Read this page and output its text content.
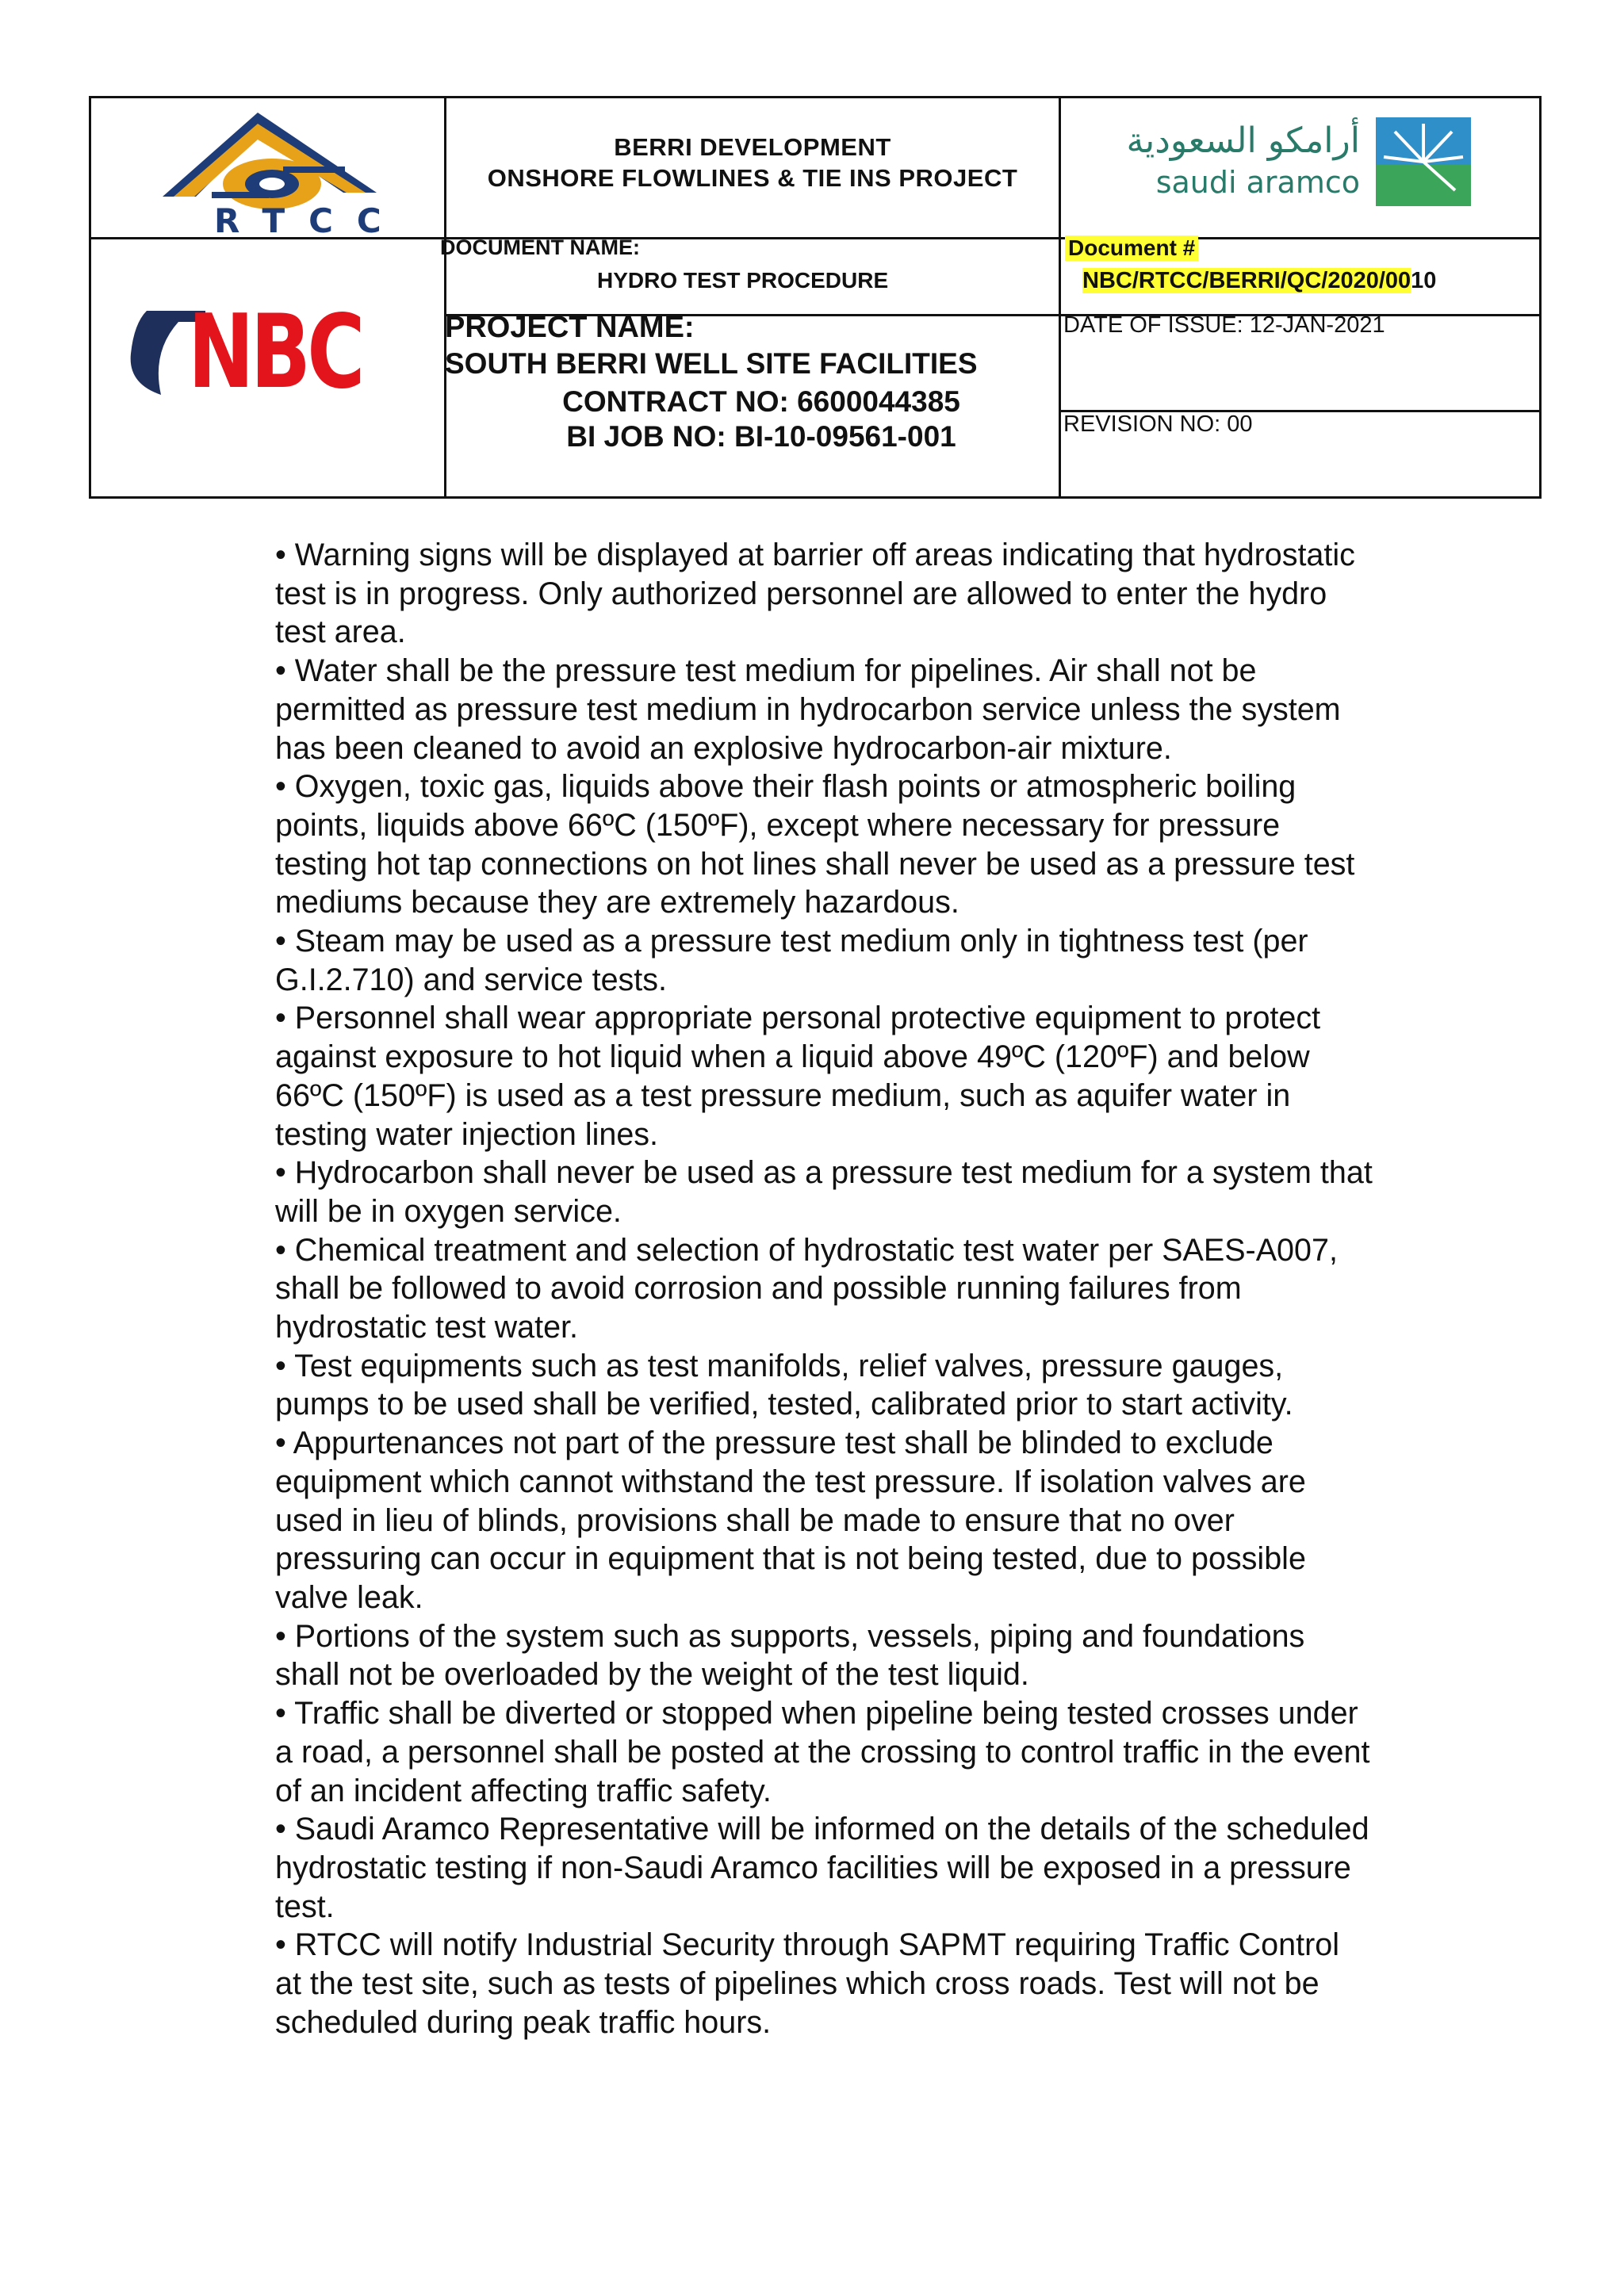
RTCC
BERRI DEVELOPMENT
ONSHORE FLOWLINES & TIE INS PROJECT
أرامكو السعودية
saudi aramco
NBC
DOCUMENT NAME:
HYDRO TEST PROCEDURE
Document #
NBC/RTCC/BERRI/QC/2020/0010
PROJECT NAME:
SOUTH BERRI WELL SITE FACILITIES
CONTRACT NO: 6600044385
BI JOB NO: BI-10-09561-001
DATE OF ISSUE: 12-JAN-2021
REVISION NO: 00

• Warning signs will be displayed at barrier off areas indicating that hydrostatic

test is in progress. Only authorized personnel are allowed to enter the hydro

test area.

• Water shall be the pressure test medium for pipelines. Air shall not be

permitted as pressure test medium in hydrocarbon service unless the system

has been cleaned to avoid an explosive hydrocarbon-air mixture.

• Oxygen, toxic gas, liquids above their flash points or atmospheric boiling

points, liquids above 66ºC (150ºF), except where necessary for pressure

testing hot tap connections on hot lines shall never be used as a pressure test

mediums because they are extremely hazardous.

• Steam may be used as a pressure test medium only in tightness test (per

G.I.2.710) and service tests.

• Personnel shall wear appropriate personal protective equipment to protect

against exposure to hot liquid when a liquid above 49ºC (120ºF) and below

66ºC (150ºF) is used as a test pressure medium, such as aquifer water in

testing water injection lines.

• Hydrocarbon shall never be used as a pressure test medium for a system that

will be in oxygen service.

• Chemical treatment and selection of hydrostatic test water per SAES-A007,

shall be followed to avoid corrosion and possible running failures from

hydrostatic test water.

• Test equipments such as test manifolds, relief valves, pressure gauges,

pumps to be used shall be verified, tested, calibrated prior to start activity.

• Appurtenances not part of the pressure test shall be blinded to exclude

equipment which cannot withstand the test pressure. If isolation valves are

used in lieu of blinds, provisions shall be made to ensure that no over

pressuring can occur in equipment that is not being tested, due to possible

valve leak.

• Portions of the system such as supports, vessels, piping and foundations

shall not be overloaded by the weight of the test liquid.

• Traffic shall be diverted or stopped when pipeline being tested crosses under

a road, a personnel shall be posted at the crossing to control traffic in the event

of an incident affecting traffic safety.

• Saudi Aramco Representative will be informed on the details of the scheduled

hydrostatic testing if non-Saudi Aramco facilities will be exposed in a pressure

test.

• RTCC will notify Industrial Security through SAPMT requiring Traffic Control

at the test site, such as tests of pipelines which cross roads. Test will not be

scheduled during peak traffic hours.
